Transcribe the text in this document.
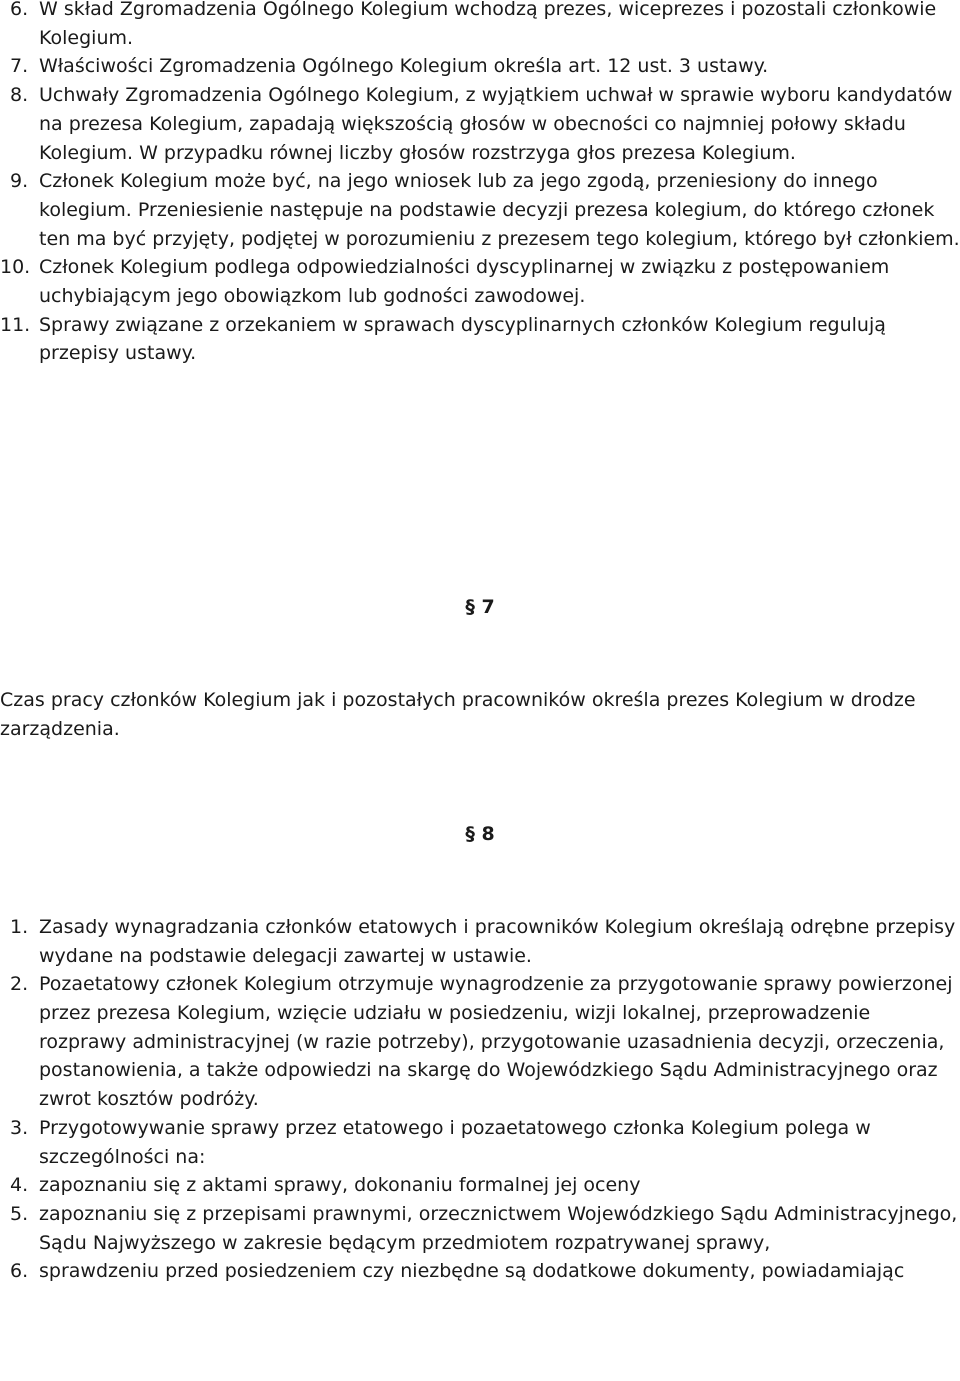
6. W skład Zgromadzenia Ogólnego Kolegium wchodzą prezes, wiceprezes i pozostali członkowie Kolegium.
7. Właściwości Zgromadzenia Ogólnego Kolegium określa art. 12 ust. 3 ustawy.
8. Uchwały Zgromadzenia Ogólnego Kolegium, z wyjątkiem uchwał w sprawie wyboru kandydatów na prezesa Kolegium, zapadają większością głosów w obecności co najmniej połowy składu Kolegium. W przypadku równej liczby głosów rozstrzyga głos prezesa Kolegium.
9. Członek Kolegium może być, na jego wniosek lub za jego zgodą, przeniesiony do innego kolegium. Przeniesienie następuje na podstawie decyzji prezesa kolegium, do którego członek ten ma być przyjęty, podjętej w porozumieniu z prezesem tego kolegium, którego był członkiem.
10. Członek Kolegium podlega odpowiedzialności dyscyplinarnej w związku z postępowaniem uchybiającym jego obowiązkom lub godności zawodowej.
11. Sprawy związane z orzekaniem w sprawach dyscyplinarnych członków Kolegium regulują przepisy ustawy.

§ 7

Czas pracy członków Kolegium jak i pozostałych pracowników określa prezes Kolegium w drodze zarządzenia.

§ 8

1. Zasady wynagradzania członków etatowych i pracowników Kolegium określają odrębne przepisy wydane na podstawie delegacji zawartej w ustawie.
2. Pozaetatowy członek Kolegium otrzymuje wynagrodzenie za przygotowanie sprawy powierzonej przez prezesa Kolegium, wzięcie udziału w posiedzeniu, wizji lokalnej, przeprowadzenie rozprawy administracyjnej (w razie potrzeby), przygotowanie uzasadnienia decyzji, orzeczenia, postanowienia, a także odpowiedzi na skargę do Wojewódzkiego Sądu Administracyjnego oraz zwrot kosztów podróży.
3. Przygotowywanie sprawy przez etatowego i pozaetatowego członka Kolegium polega w szczególności na:
4. zapoznaniu się z aktami sprawy, dokonaniu formalnej jej oceny
5. zapoznaniu się z przepisami prawnymi, orzecznictwem Wojewódzkiego Sądu Administracyjnego, Sądu Najwyższego w zakresie będącym przedmiotem rozpatrywanej sprawy,
6. sprawdzeniu przed posiedzeniem czy niezbędne są dodatkowe dokumenty, powiadamiając
